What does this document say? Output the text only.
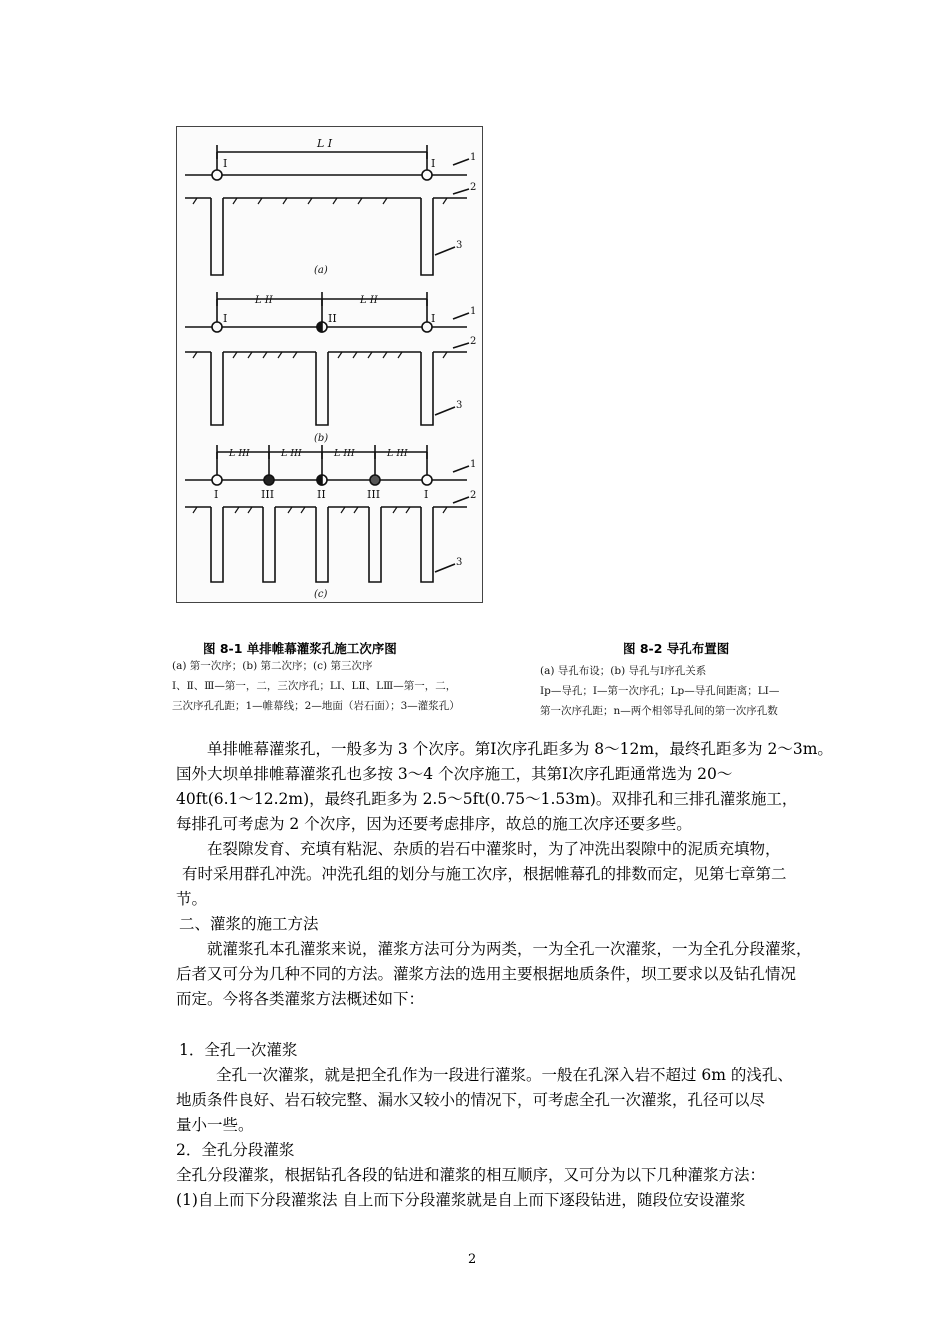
L I
I	I	1
2
3
(a)
L II	L II
I	II	I
1
2
3
(b)
L III	L III	L III	L III
I	III	II	III	I
1
2
3
(c)
图 8-1 单排帷幕灌浆孔施工次序图
(a) 第一次序；(b) 第二次序；(c) 第三次序
Ⅰ、Ⅱ、Ⅲ—第一，二，三次序孔；LⅠ、LⅡ、LⅢ—第一，二，
三次序孔孔距；1—帷幕线；2—地面（岩石面）；3—灌浆孔）
图 8-2 导孔布置图
(a) 导孔布设；(b) 导孔与Ⅰ序孔关系
Ⅰp—导孔；Ⅰ—第一次序孔；Lp—导孔间距离；LⅠ—
第一次序孔距；n—两个相邻导孔间的第一次序孔数
单排帷幕灌浆孔，一般多为 3 个次序。第Ⅰ次序孔距多为 8～12m，最终孔距多为 2～3m。
国外大坝单排帷幕灌浆孔也多按 3～4 个次序施工，其第Ⅰ次序孔距通常选为 20～
40ft(6.1～12.2m)，最终孔距多为 2.5～5ft(0.75～1.53m)。双排孔和三排孔灌浆施工，
每排孔可考虑为 2 个次序，因为还要考虑排序，故总的施工次序还要多些。
在裂隙发育、充填有粘泥、杂质的岩石中灌浆时，为了冲洗出裂隙中的泥质充填物，
有时采用群孔冲洗。冲洗孔组的划分与施工次序，根据帷幕孔的排数而定，见第七章第二
节。
二、灌浆的施工方法
就灌浆孔本孔灌浆来说，灌浆方法可分为两类，一为全孔一次灌浆，一为全孔分段灌浆，
后者又可分为几种不同的方法。灌浆方法的选用主要根据地质条件，坝工要求以及钻孔情况
而定。今将各类灌浆方法概述如下：
1．全孔一次灌浆
全孔一次灌浆，就是把全孔作为一段进行灌浆。一般在孔深入岩不超过 6m 的浅孔、
地质条件良好、岩石较完整、漏水又较小的情况下，可考虑全孔一次灌浆，孔径可以尽
量小一些。
2．全孔分段灌浆
全孔分段灌浆，根据钻孔各段的钻进和灌浆的相互顺序，又可分为以下几种灌浆方法：
(1)自上而下分段灌浆法 自上而下分段灌浆就是自上而下逐段钻进，随段位安设灌浆
2
